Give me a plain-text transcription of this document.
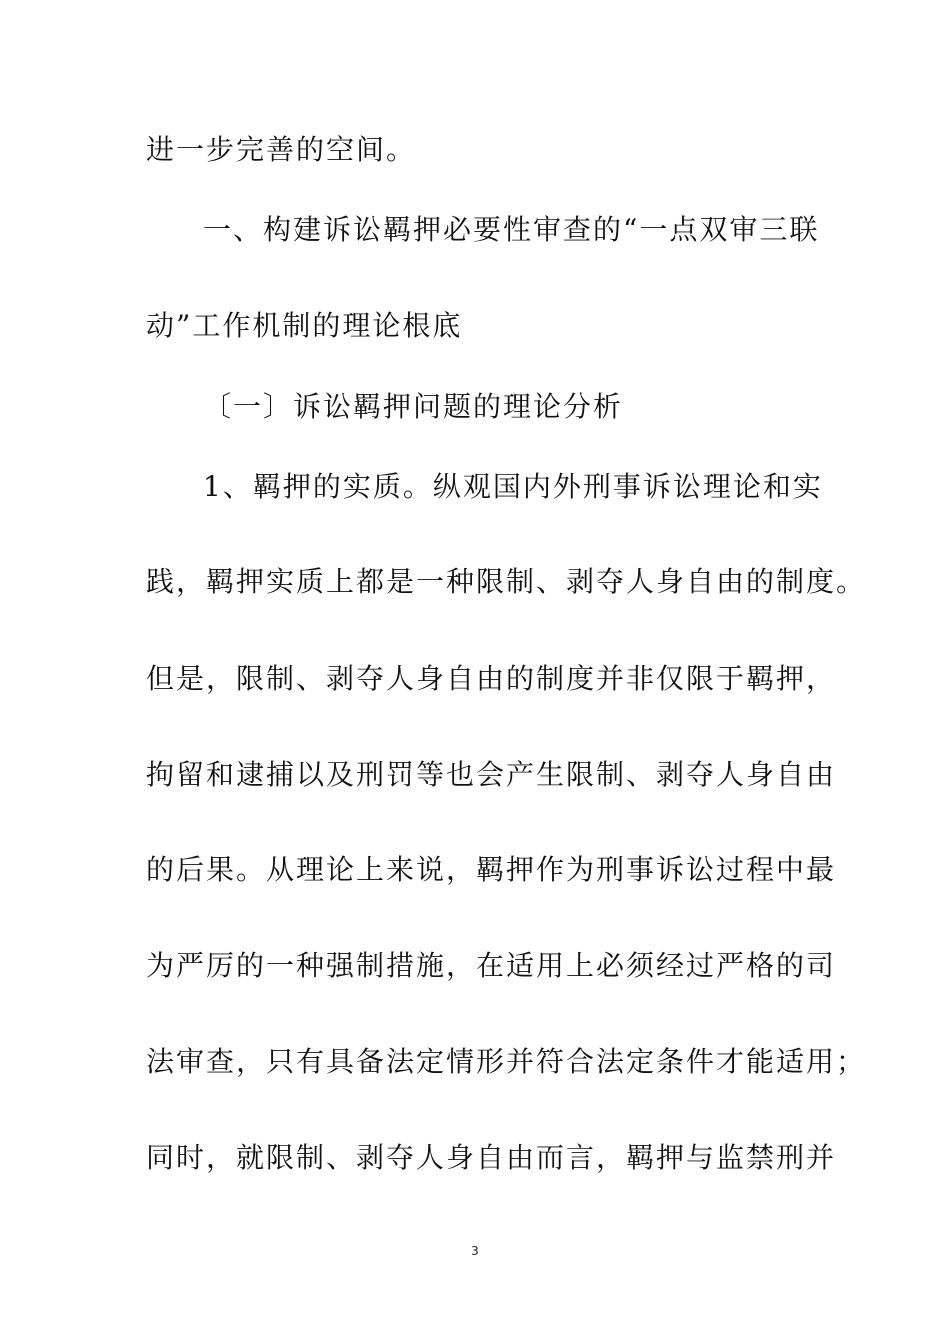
进一步完善的空间。
一、构建诉讼羁押必要性审查的“一点双审三联
动”工作机制的理论根底
〔一〕诉讼羁押问题的理论分析
1、羁押的实质。纵观国内外刑事诉讼理论和实
践，羁押实质上都是一种限制、剥夺人身自由的制度。
但是，限制、剥夺人身自由的制度并非仅限于羁押，
拘留和逮捕以及刑罚等也会产生限制、剥夺人身自由
的后果。从理论上来说，羁押作为刑事诉讼过程中最
为严厉的一种强制措施，在适用上必须经过严格的司
法审查，只有具备法定情形并符合法定条件才能适用；
同时，就限制、剥夺人身自由而言，羁押与监禁刑并
3
